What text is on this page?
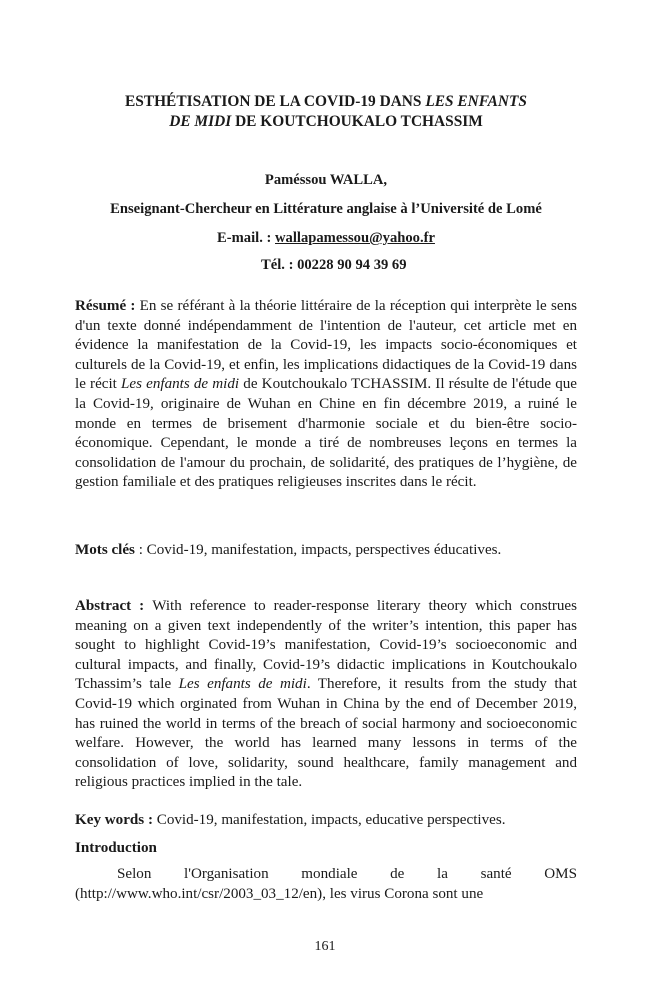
ESTHÉTISATION DE LA COVID-19 DANS LES ENFANTS
DE MIDI DE KOUTCHOUKALO TCHASSIM
Paméssou WALLA,
Enseignant-Chercheur en Littérature anglaise à l’Université de Lomé
E-mail. : wallapamessou@yahoo.fr
Tél. : 00228 90 94 39 69

Résumé : En se référant à la théorie littéraire de la réception qui interprète le sens d'un texte donné indépendamment de l'intention de l'auteur, cet article met en évidence la manifestation de la Covid-19, les impacts socio-économiques et culturels de la Covid-19, et enfin, les implications didactiques de la Covid-19 dans le récit Les enfants de midi de Koutchoukalo TCHASSIM. Il résulte de l'étude que la Covid-19, originaire de Wuhan en Chine en fin décembre 2019, a ruiné le monde en termes de brisement d'harmonie sociale et du bien-être socio-économique. Cependant, le monde a tiré de nombreuses leçons en termes la consolidation de l'amour du prochain, de solidarité, des pratiques de l’hygiène, de gestion familiale et des pratiques religieuses inscrites dans le récit.

Mots clés : Covid-19, manifestation, impacts, perspectives éducatives.

Abstract : With reference to reader-response literary theory which construes meaning on a given text independently of the writer’s intention, this paper has sought to highlight Covid-19’s manifestation, Covid-19’s socioeconomic and cultural impacts, and finally, Covid-19’s didactic implications in Koutchoukalo Tchassim’s tale Les enfants de midi. Therefore, it results from the study that Covid-19 which orginated from Wuhan in China by the end of December 2019, has ruined the world in terms of the breach of social harmony and socioeconomic welfare. However, the world has learned many lessons in terms of the consolidation of love, solidarity, sound healthcare, family management and religious practices implied in the tale.

Key words : Covid-19, manifestation, impacts, educative perspectives.

Introduction

Selon l'Organisation mondiale de la santé OMS (http://www.who.int/csr/2003_03_12/en), les virus Corona sont une

161
